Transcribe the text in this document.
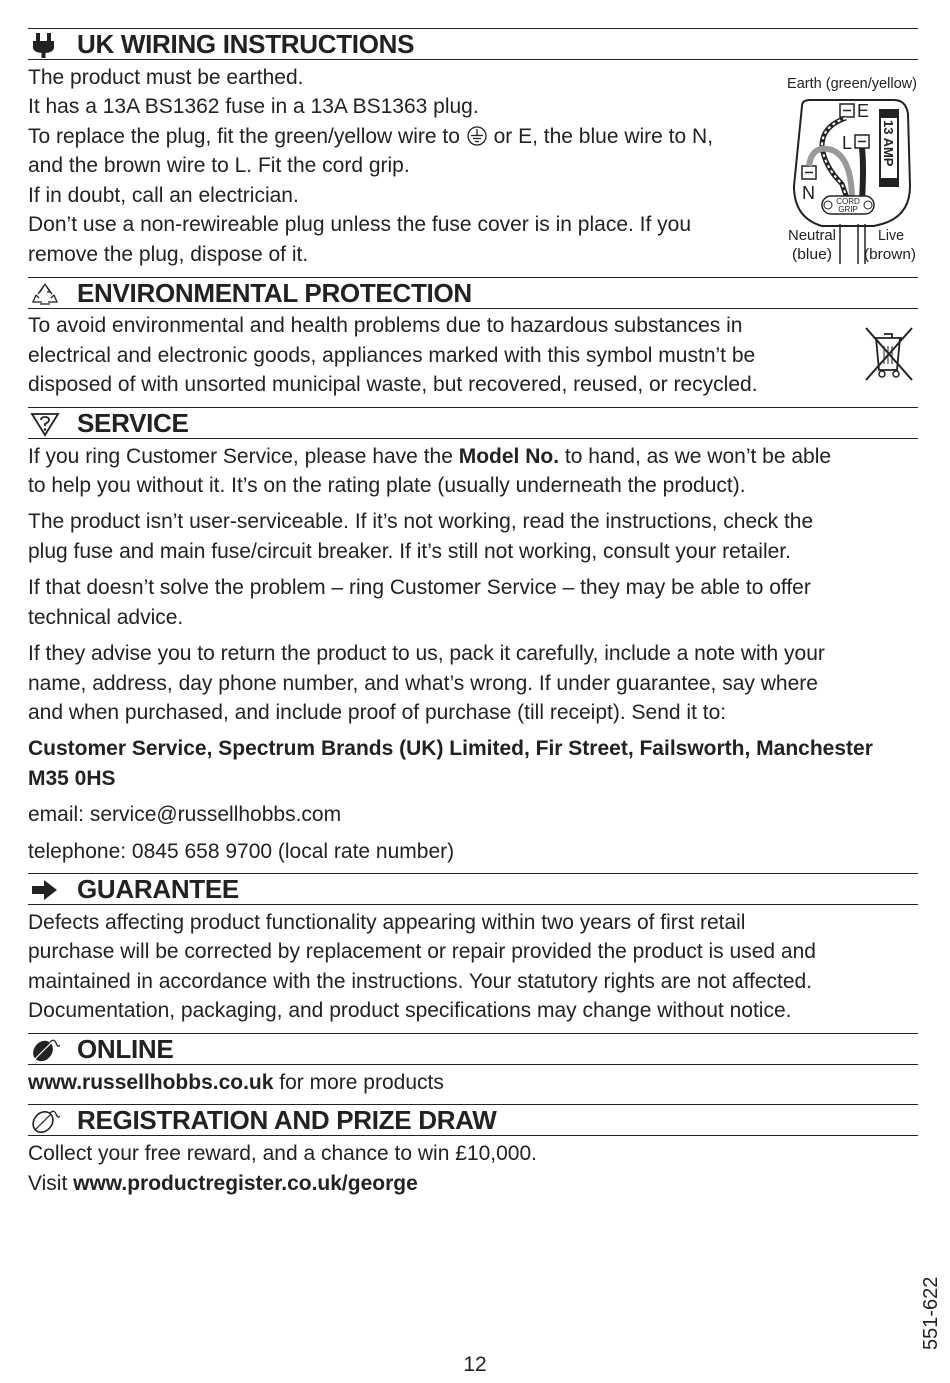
UK WIRING INSTRUCTIONS

The product must be earthed.

It has a 13A BS1362 fuse in a 13A BS1363 plug.

To replace the plug, fit the green/yellow wire to or E, the blue wire to N,

and the brown wire to L. Fit the cord grip.

If in doubt, call an electrician.

Don’t use a non-rewireable plug unless the fuse cover is in place. If you

remove the plug, dispose of it.

Earth (green/yellow)
E
L 13 AMP
N	CORD
GRIP
Neutral
(blue)
Live
(brown)
ENVIRONMENTAL PROTECTION

To avoid environmental and health problems due to hazardous substances in

electrical and electronic goods, appliances marked with this symbol mustn’t be

disposed of with unsorted municipal waste, but recovered, reused, or recycled.

SERVICE

If you ring Customer Service, please have the Model No. to hand, as we won’t be able

to help you without it. It’s on the rating plate (usually underneath the product).

The product isn’t user-serviceable. If it’s not working, read the instructions, check the

plug fuse and main fuse/circuit breaker. If it’s still not working, consult your retailer.

If that doesn’t solve the problem – ring Customer Service – they may be able to offer

technical advice.

If they advise you to return the product to us, pack it carefully, include a note with your

name, address, day phone number, and what’s wrong. If under guarantee, say where

and when purchased, and include proof of purchase (till receipt). Send it to:

Customer Service, Spectrum Brands (UK) Limited, Fir Street, Failsworth, Manchester

M35 0HS

email: service@russellhobbs.com

telephone: 0845 658 9700 (local rate number)

GUARANTEE

Defects affecting product functionality appearing within two years of first retail

purchase will be corrected by replacement or repair provided the product is used and

maintained in accordance with the instructions. Your statutory rights are not affected.

Documentation, packaging, and product specifications may change without notice.

ONLINE

www.russellhobbs.co.uk for more products

REGISTRATION AND PRIZE DRAW

Collect your free reward, and a chance to win £10,000.

Visit www.productregister.co.uk/george

12
551-622
